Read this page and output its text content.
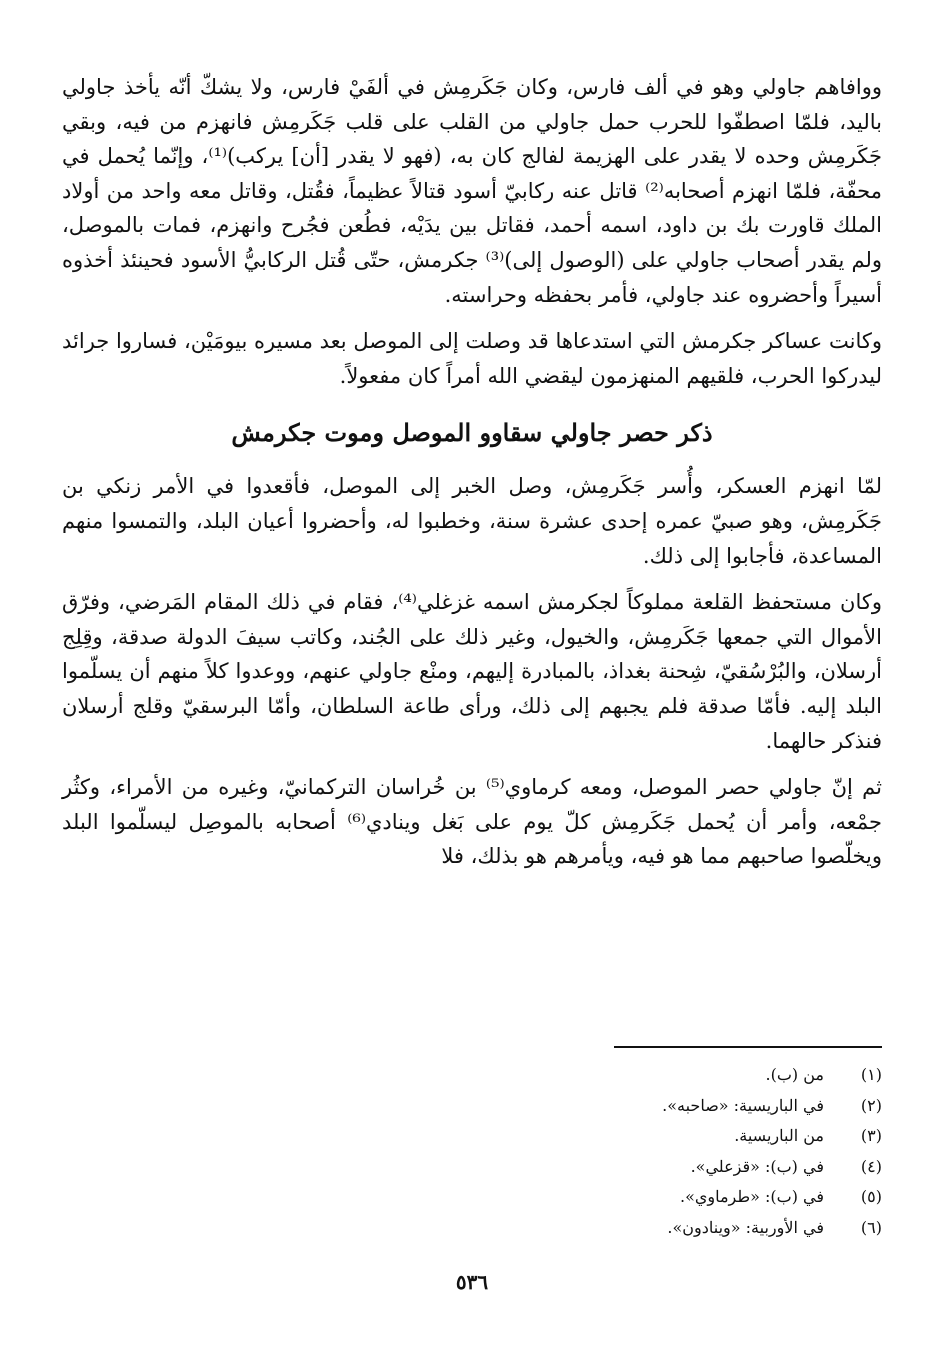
ووافاهم جاولي وهو في ألف فارس، وكان جَكَرمِش في ألفَيْ فارس، ولا يشكّ أنّه يأخذ جاولي باليد، فلمّا اصطفّوا للحرب حمل جاولي من القلب على قلب جَكَرمِش فانهزم من فيه، وبقي جَكَرمِش وحده لا يقدر على الهزيمة لفالج كان به، (فهو لا يقدر [أن] يركب)⁽¹⁾، وإنّما يُحمل في محفّة، فلمّا انهزم أصحابه⁽²⁾ قاتل عنه ركابيّ أسود قتالاً عظيماً، فقُتل، وقاتل معه واحد من أولاد الملك قاورت بك بن داود، اسمه أحمد، فقاتل بين يدَيْه، فطُعن فجُرح وانهزم، فمات بالموصل، ولم يقدر أصحاب جاولي على (الوصول إلى)⁽³⁾ جكرمش، حتّى قُتل الركابيُّ الأسود فحينئذ أخذوه أسيراً وأحضروه عند جاولي، فأمر بحفظه وحراسته.

وكانت عساكر جكرمش التي استدعاها قد وصلت إلى الموصل بعد مسيره بيومَيْن، فساروا جرائد ليدركوا الحرب، فلقيهم المنهزمون ليقضي الله أمراً كان مفعولاً.

ذكر حصر جاولي سقاوو الموصل وموت جكرمش

لمّا انهزم العسكر، وأُسر جَكَرمِش، وصل الخبر إلى الموصل، فأقعدوا في الأمر زنكي بن جَكَرمِش، وهو صبيّ عمره إحدى عشرة سنة، وخطبوا له، وأحضروا أعيان البلد، والتمسوا منهم المساعدة، فأجابوا إلى ذلك.

وكان مستحفظ القلعة مملوكاً لجكرمش اسمه غزغلي⁽⁴⁾، فقام في ذلك المقام المَرضي، وفرّق الأموال التي جمعها جَكَرمِش، والخيول، وغير ذلك على الجُند، وكاتب سيفَ الدولة صدقة، وقِلِج أرسلان، والبُرْسُقيّ، شِحنة بغداذ، بالمبادرة إليهم، ومنْع جاولي عنهم، ووعدوا كلاً منهم أن يسلّموا البلد إليه. فأمّا صدقة فلم يجبهم إلى ذلك، ورأى طاعة السلطان، وأمّا البرسقيّ وقلج أرسلان فنذكر حالهما.

ثم إنّ جاولي حصر الموصل، ومعه كرماوي⁽⁵⁾ بن خُراسان التركمانيّ، وغيره من الأمراء، وكثُر جمْعه، وأمر أن يُحمل جَكَرمِش كلّ يوم على بَغل وينادي⁽⁶⁾ أصحابه بالموصِل ليسلّموا البلد ويخلّصوا صاحبهم مما هو فيه، ويأمرهم هو بذلك، فلا

(١)
من (ب).
(٢)
في الباريسية: «صاحبه».
(٣)
من الباريسية.
(٤)
في (ب): «قزعلي».
(٥)
في (ب): «طرماوي».
(٦)
في الأوربية: «وينادون».
٥٣٦
